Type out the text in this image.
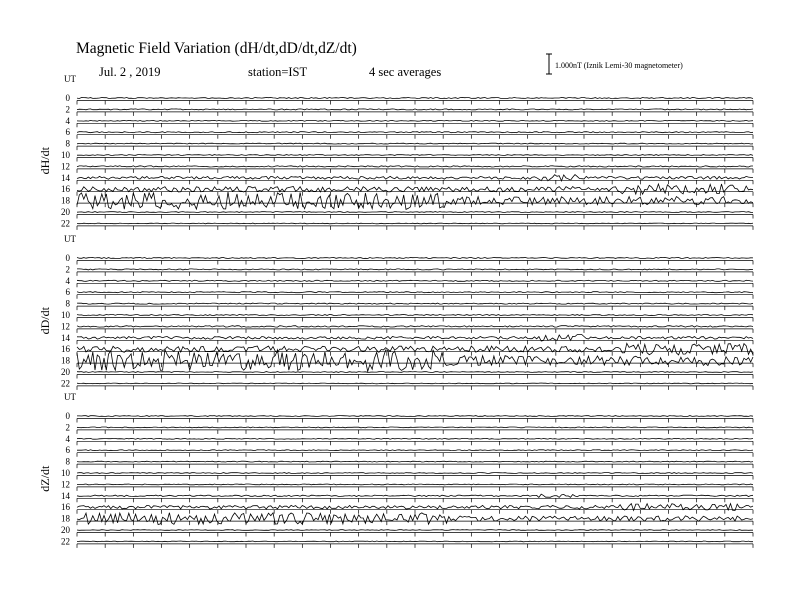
Magnetic Field Variation (dH/dt,dD/dt,dZ/dt)
Jul. 2 , 2019	station=IST	4 sec averages	1.000nT (Iznik Lemi-30 magnetometer)
UT
dH/dt
0
2
4
6
8
10
12
14
16
18
20
22
UT
dD/dt
0
2
4
6
8
10
12
14
16
18
20
22
UT
dZ/dt
0
2
4
6
8
10
12
14
16
18
20
22
